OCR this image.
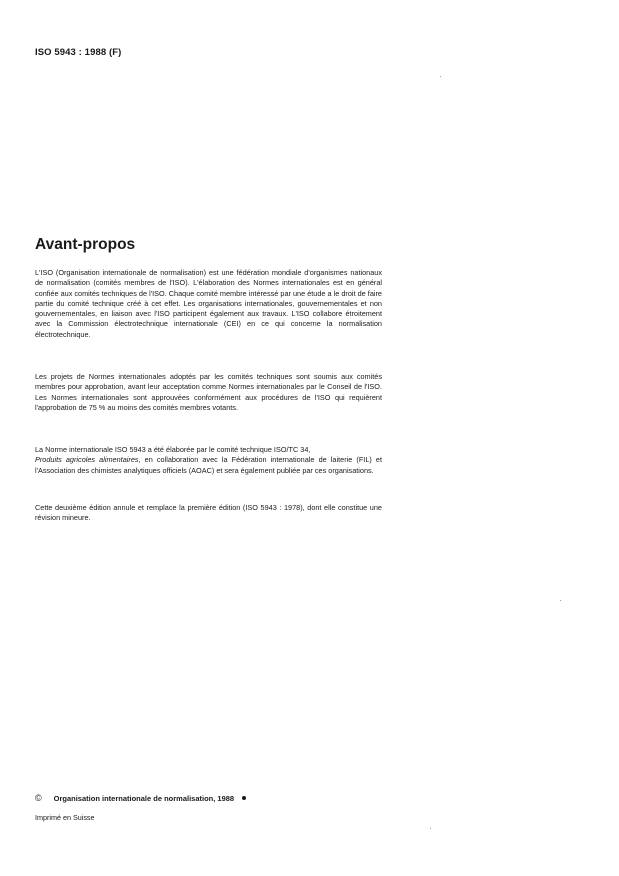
ISO 5943 : 1988 (F)
Avant-propos

L'ISO (Organisation internationale de normalisation) est une fédération mondiale d'organismes nationaux de normalisation (comités membres de l'ISO). L'élaboration des Normes internationales est en général confiée aux comités techniques de l'ISO. Chaque comité membre intéressé par une étude a le droit de faire partie du comité technique créé à cet effet. Les organisations internationales, gouvernementales et non gouvernementales, en liaison avec l'ISO participent également aux travaux. L'ISO collabore étroitement avec la Commission électrotechnique internationale (CEI) en ce qui concerne la normalisation électrotechnique.

Les projets de Normes internationales adoptés par les comités techniques sont soumis aux comités membres pour approbation, avant leur acceptation comme Normes internationales par le Conseil de l'ISO. Les Normes internationales sont approuvées conformément aux procédures de l'ISO qui requièrent l'approbation de 75 % au moins des comités membres votants.

La Norme internationale ISO 5943 a été élaborée par le comité technique ISO/TC 34,
Produits agricoles alimentaires, en collaboration avec la Fédération internationale de laiterie (FIL) et l'Association des chimistes analytiques officiels (AOAC) et sera également publiée par ces organisations.

Cette deuxième édition annule et remplace la première édition (ISO 5943 : 1978), dont elle constitue une révision mineure.

© Organisation internationale de normalisation, 1988
Imprimé en Suisse
